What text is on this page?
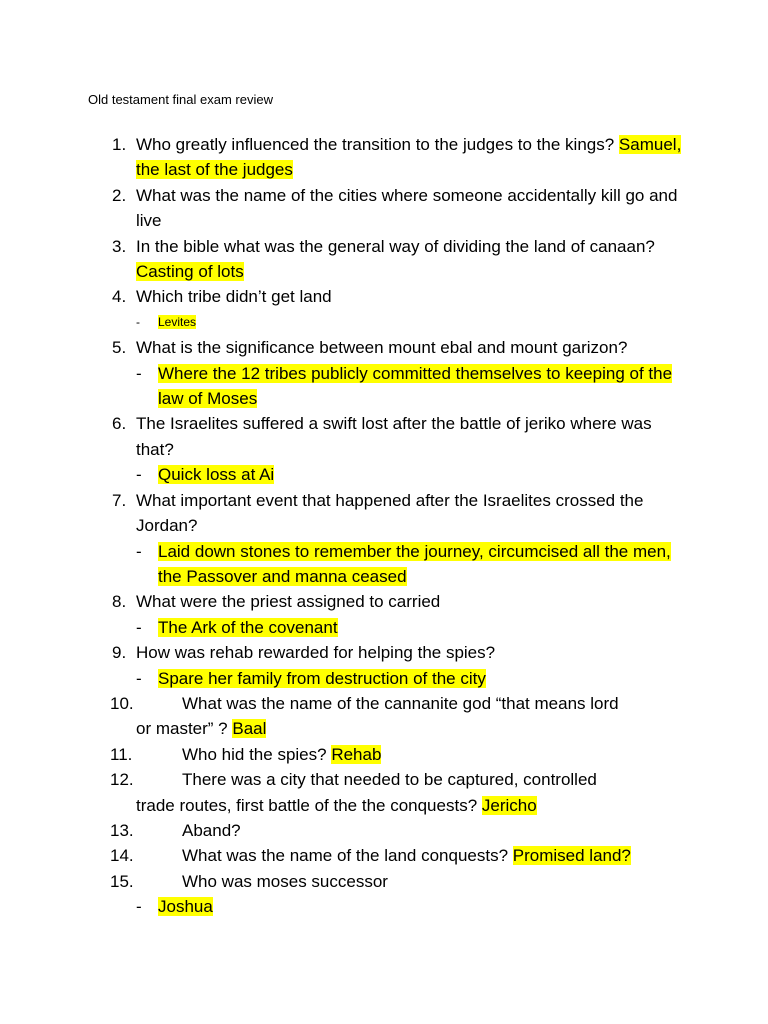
Old testament final exam review
1. Who greatly influenced the transition to the judges to the kings? Samuel, the last of the judges
2. What was the name of the cities where someone accidentally kill go and live
3. In the bible what was the general way of dividing the land of canaan? Casting of lots
4. Which tribe didn’t get land
- Levites
5. What is the significance between mount ebal and mount garizon?
- Where the 12 tribes publicly committed themselves to keeping of the law of Moses
6. The Israelites suffered a swift lost after the battle of jeriko where was that?
- Quick loss at Ai
7. What important event that happened after the Israelites crossed the Jordan?
- Laid down stones to remember the journey, circumcised all the men, the Passover and manna ceased
8. What were the priest assigned to carried
- The Ark of the covenant
9. How was rehab rewarded for helping the spies?
- Spare her family from destruction of the city
10.	What was the name of the cannanite god “that means lord
or master” ? Baal
11.	Who hid the spies? Rehab
12.	There was a city that needed to be captured, controlled
trade routes, first battle of the the conquests? Jericho
13.	Aband?
14.	What was the name of the land conquests? Promised land?
15.	Who was moses successor
- Joshua
